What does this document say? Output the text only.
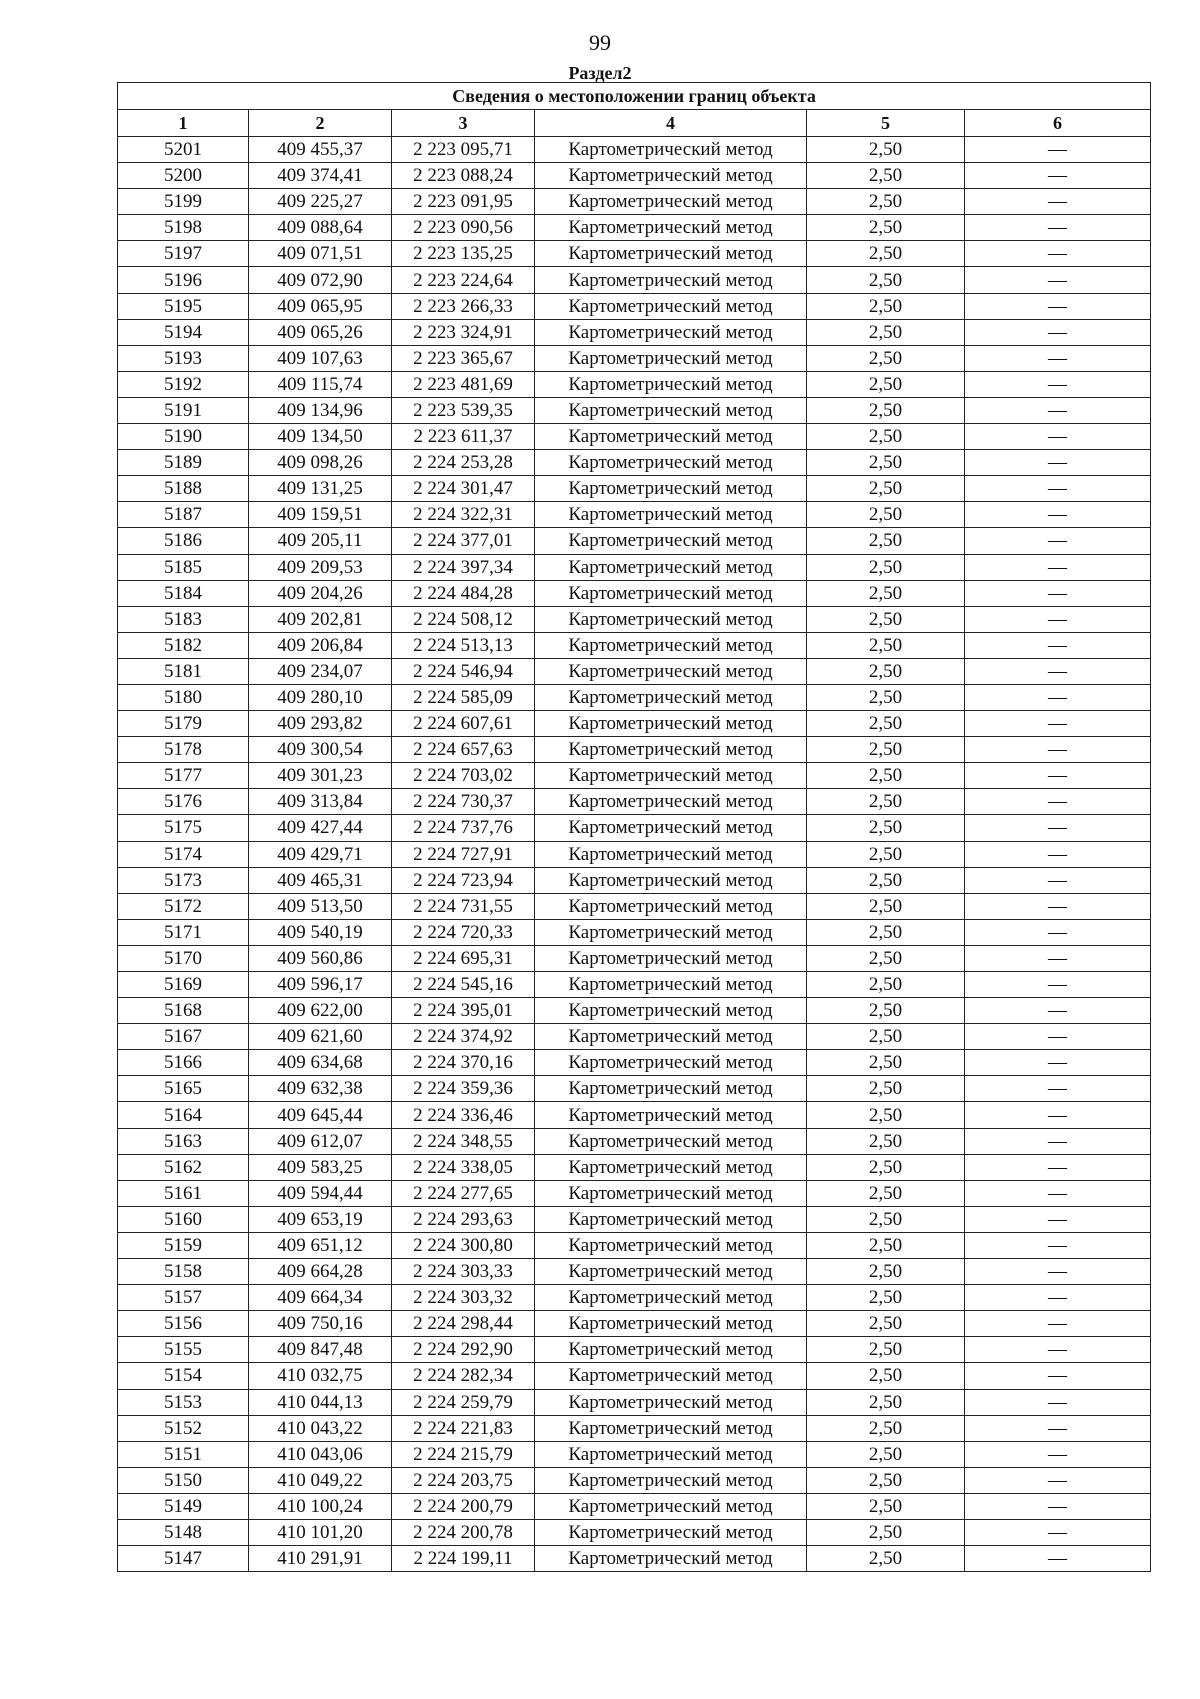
99
Раздел2
Сведения о местоположении границ объекта					
1	2	3	4	5	6
5201	409 455,37	2 223 095,71	Картометрический метод	2,50	—
5200	409 374,41	2 223 088,24	Картометрический метод	2,50	—
5199	409 225,27	2 223 091,95	Картометрический метод	2,50	—
5198	409 088,64	2 223 090,56	Картометрический метод	2,50	—
5197	409 071,51	2 223 135,25	Картометрический метод	2,50	—
5196	409 072,90	2 223 224,64	Картометрический метод	2,50	—
5195	409 065,95	2 223 266,33	Картометрический метод	2,50	—
5194	409 065,26	2 223 324,91	Картометрический метод	2,50	—
5193	409 107,63	2 223 365,67	Картометрический метод	2,50	—
5192	409 115,74	2 223 481,69	Картометрический метод	2,50	—
5191	409 134,96	2 223 539,35	Картометрический метод	2,50	—
5190	409 134,50	2 223 611,37	Картометрический метод	2,50	—
5189	409 098,26	2 224 253,28	Картометрический метод	2,50	—
5188	409 131,25	2 224 301,47	Картометрический метод	2,50	—
5187	409 159,51	2 224 322,31	Картометрический метод	2,50	—
5186	409 205,11	2 224 377,01	Картометрический метод	2,50	—
5185	409 209,53	2 224 397,34	Картометрический метод	2,50	—
5184	409 204,26	2 224 484,28	Картометрический метод	2,50	—
5183	409 202,81	2 224 508,12	Картометрический метод	2,50	—
5182	409 206,84	2 224 513,13	Картометрический метод	2,50	—
5181	409 234,07	2 224 546,94	Картометрический метод	2,50	—
5180	409 280,10	2 224 585,09	Картометрический метод	2,50	—
5179	409 293,82	2 224 607,61	Картометрический метод	2,50	—
5178	409 300,54	2 224 657,63	Картометрический метод	2,50	—
5177	409 301,23	2 224 703,02	Картометрический метод	2,50	—
5176	409 313,84	2 224 730,37	Картометрический метод	2,50	—
5175	409 427,44	2 224 737,76	Картометрический метод	2,50	—
5174	409 429,71	2 224 727,91	Картометрический метод	2,50	—
5173	409 465,31	2 224 723,94	Картометрический метод	2,50	—
5172	409 513,50	2 224 731,55	Картометрический метод	2,50	—
5171	409 540,19	2 224 720,33	Картометрический метод	2,50	—
5170	409 560,86	2 224 695,31	Картометрический метод	2,50	—
5169	409 596,17	2 224 545,16	Картометрический метод	2,50	—
5168	409 622,00	2 224 395,01	Картометрический метод	2,50	—
5167	409 621,60	2 224 374,92	Картометрический метод	2,50	—
5166	409 634,68	2 224 370,16	Картометрический метод	2,50	—
5165	409 632,38	2 224 359,36	Картометрический метод	2,50	—
5164	409 645,44	2 224 336,46	Картометрический метод	2,50	—
5163	409 612,07	2 224 348,55	Картометрический метод	2,50	—
5162	409 583,25	2 224 338,05	Картометрический метод	2,50	—
5161	409 594,44	2 224 277,65	Картометрический метод	2,50	—
5160	409 653,19	2 224 293,63	Картометрический метод	2,50	—
5159	409 651,12	2 224 300,80	Картометрический метод	2,50	—
5158	409 664,28	2 224 303,33	Картометрический метод	2,50	—
5157	409 664,34	2 224 303,32	Картометрический метод	2,50	—
5156	409 750,16	2 224 298,44	Картометрический метод	2,50	—
5155	409 847,48	2 224 292,90	Картометрический метод	2,50	—
5154	410 032,75	2 224 282,34	Картометрический метод	2,50	—
5153	410 044,13	2 224 259,79	Картометрический метод	2,50	—
5152	410 043,22	2 224 221,83	Картометрический метод	2,50	—
5151	410 043,06	2 224 215,79	Картометрический метод	2,50	—
5150	410 049,22	2 224 203,75	Картометрический метод	2,50	—
5149	410 100,24	2 224 200,79	Картометрический метод	2,50	—
5148	410 101,20	2 224 200,78	Картометрический метод	2,50	—
5147	410 291,91	2 224 199,11	Картометрический метод	2,50	—
